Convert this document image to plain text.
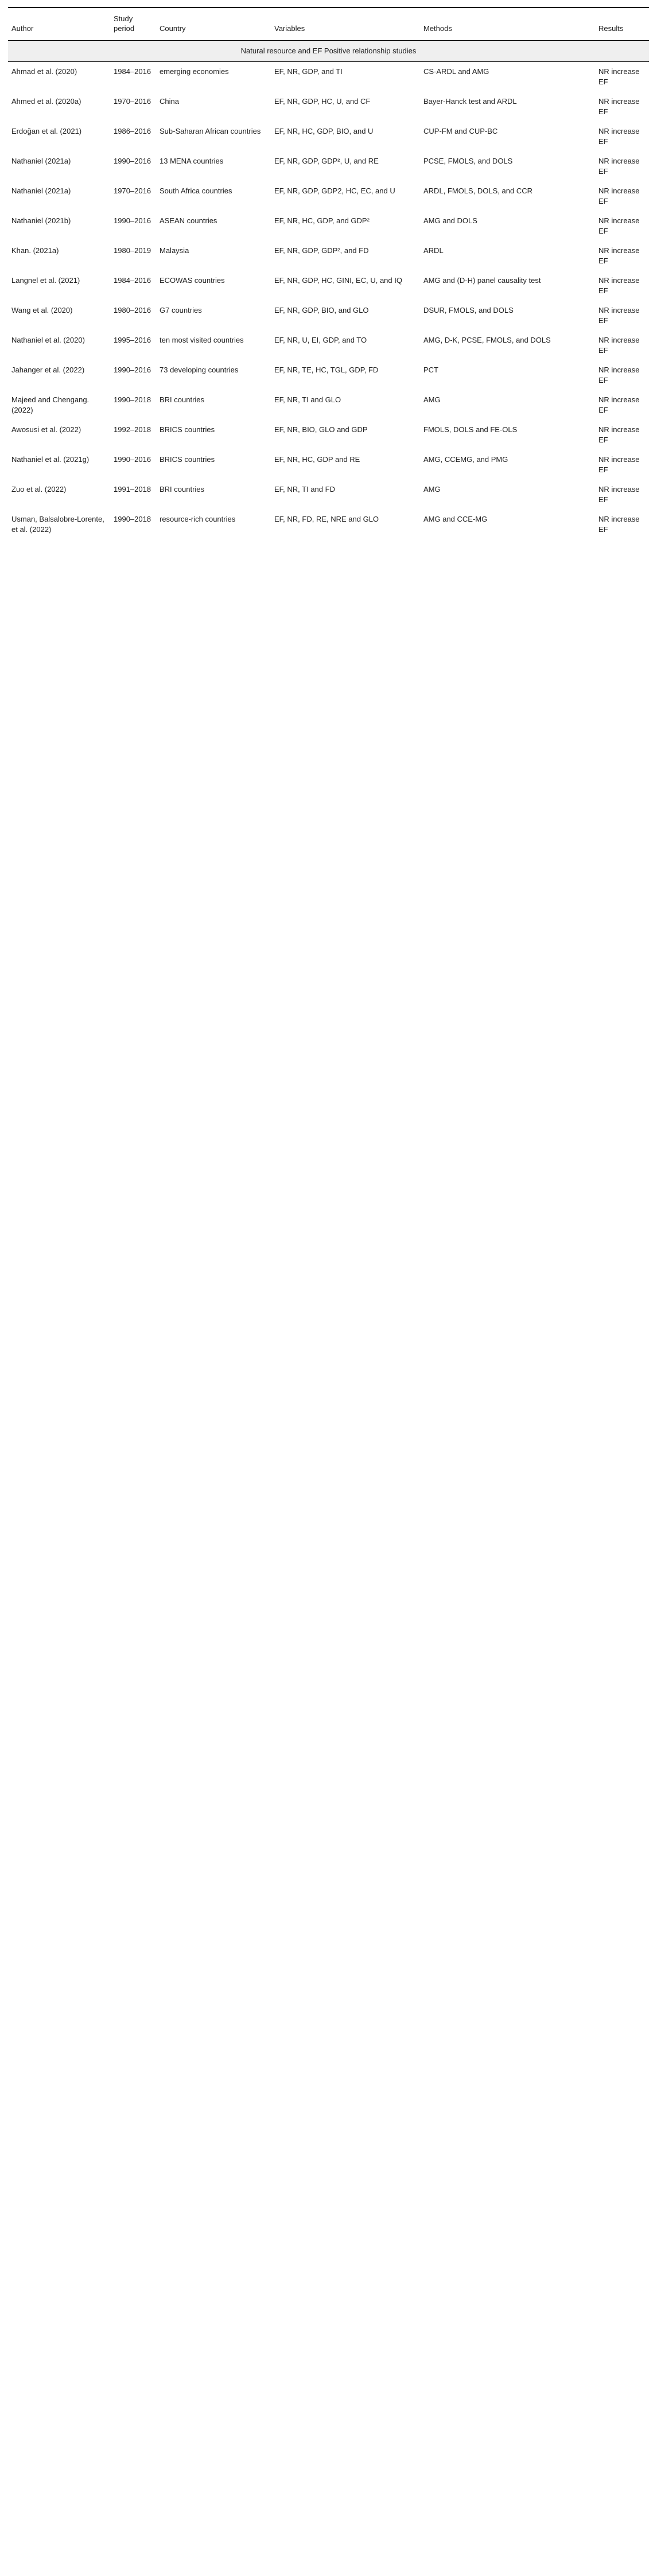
Author	Study period	Country	Variables	Methods	Results
Natural resource and EF Positive relationship studies					
Ahmad et al. (2020)	1984–2016	emerging economies	EF, NR, GDP, and TI	CS-ARDL and AMG	NR increase EF
Ahmed et al. (2020a)	1970–2016	China	EF, NR, GDP, HC, U, and CF	Bayer-Hanck test and ARDL	NR increase EF
Erdoğan et al. (2021)	1986–2016	Sub-Saharan African countries	EF, NR, HC, GDP, BIO, and U	CUP-FM and CUP-BC	NR increase EF
Nathaniel (2021a)	1990–2016	13 MENA countries	EF, NR, GDP, GDP², U, and RE	PCSE, FMOLS, and DOLS	NR increase EF
Nathaniel (2021a)	1970–2016	South Africa countries	EF, NR, GDP, GDP2, HC, EC, and U	ARDL, FMOLS, DOLS, and CCR	NR increase EF
Nathaniel (2021b)	1990–2016	ASEAN countries	EF, NR, HC, GDP, and GDP²	AMG and DOLS	NR increase EF
Khan. (2021a)	1980–2019	Malaysia	EF, NR, GDP, GDP², and FD	ARDL	NR increase EF
Langnel et al. (2021)	1984–2016	ECOWAS countries	EF, NR, GDP, HC, GINI, EC, U, and IQ	AMG and (D-H) panel causality test	NR increase EF
Wang et al. (2020)	1980–2016	G7 countries	EF, NR, GDP, BIO, and GLO	DSUR, FMOLS, and DOLS	NR increase EF
Nathaniel et al. (2020)	1995–2016	ten most visited countries	EF, NR, U, EI, GDP, and TO	AMG, D-K, PCSE, FMOLS, and DOLS	NR increase EF
Jahanger et al. (2022)	1990–2016	73 developing countries	EF, NR, TE, HC, TGL, GDP, FD	PCT	NR increase EF
Majeed and Chengang. (2022)	1990–2018	BRI countries	EF, NR, TI and GLO	AMG	NR increase EF
Awosusi et al. (2022)	1992–2018	BRICS countries	EF, NR, BIO, GLO and GDP	FMOLS, DOLS and FE-OLS	NR increase EF
Nathaniel et al. (2021g)	1990–2016	BRICS countries	EF, NR, HC, GDP and RE	AMG, CCEMG, and PMG	NR increase EF
Zuo et al. (2022)	1991–2018	BRI countries	EF, NR, TI and FD	AMG	NR increase EF
Usman, Balsalobre-Lorente, et al. (2022)	1990–2018	resource-rich countries	EF, NR, FD, RE, NRE and GLO	AMG and CCE-MG	NR increase EF
